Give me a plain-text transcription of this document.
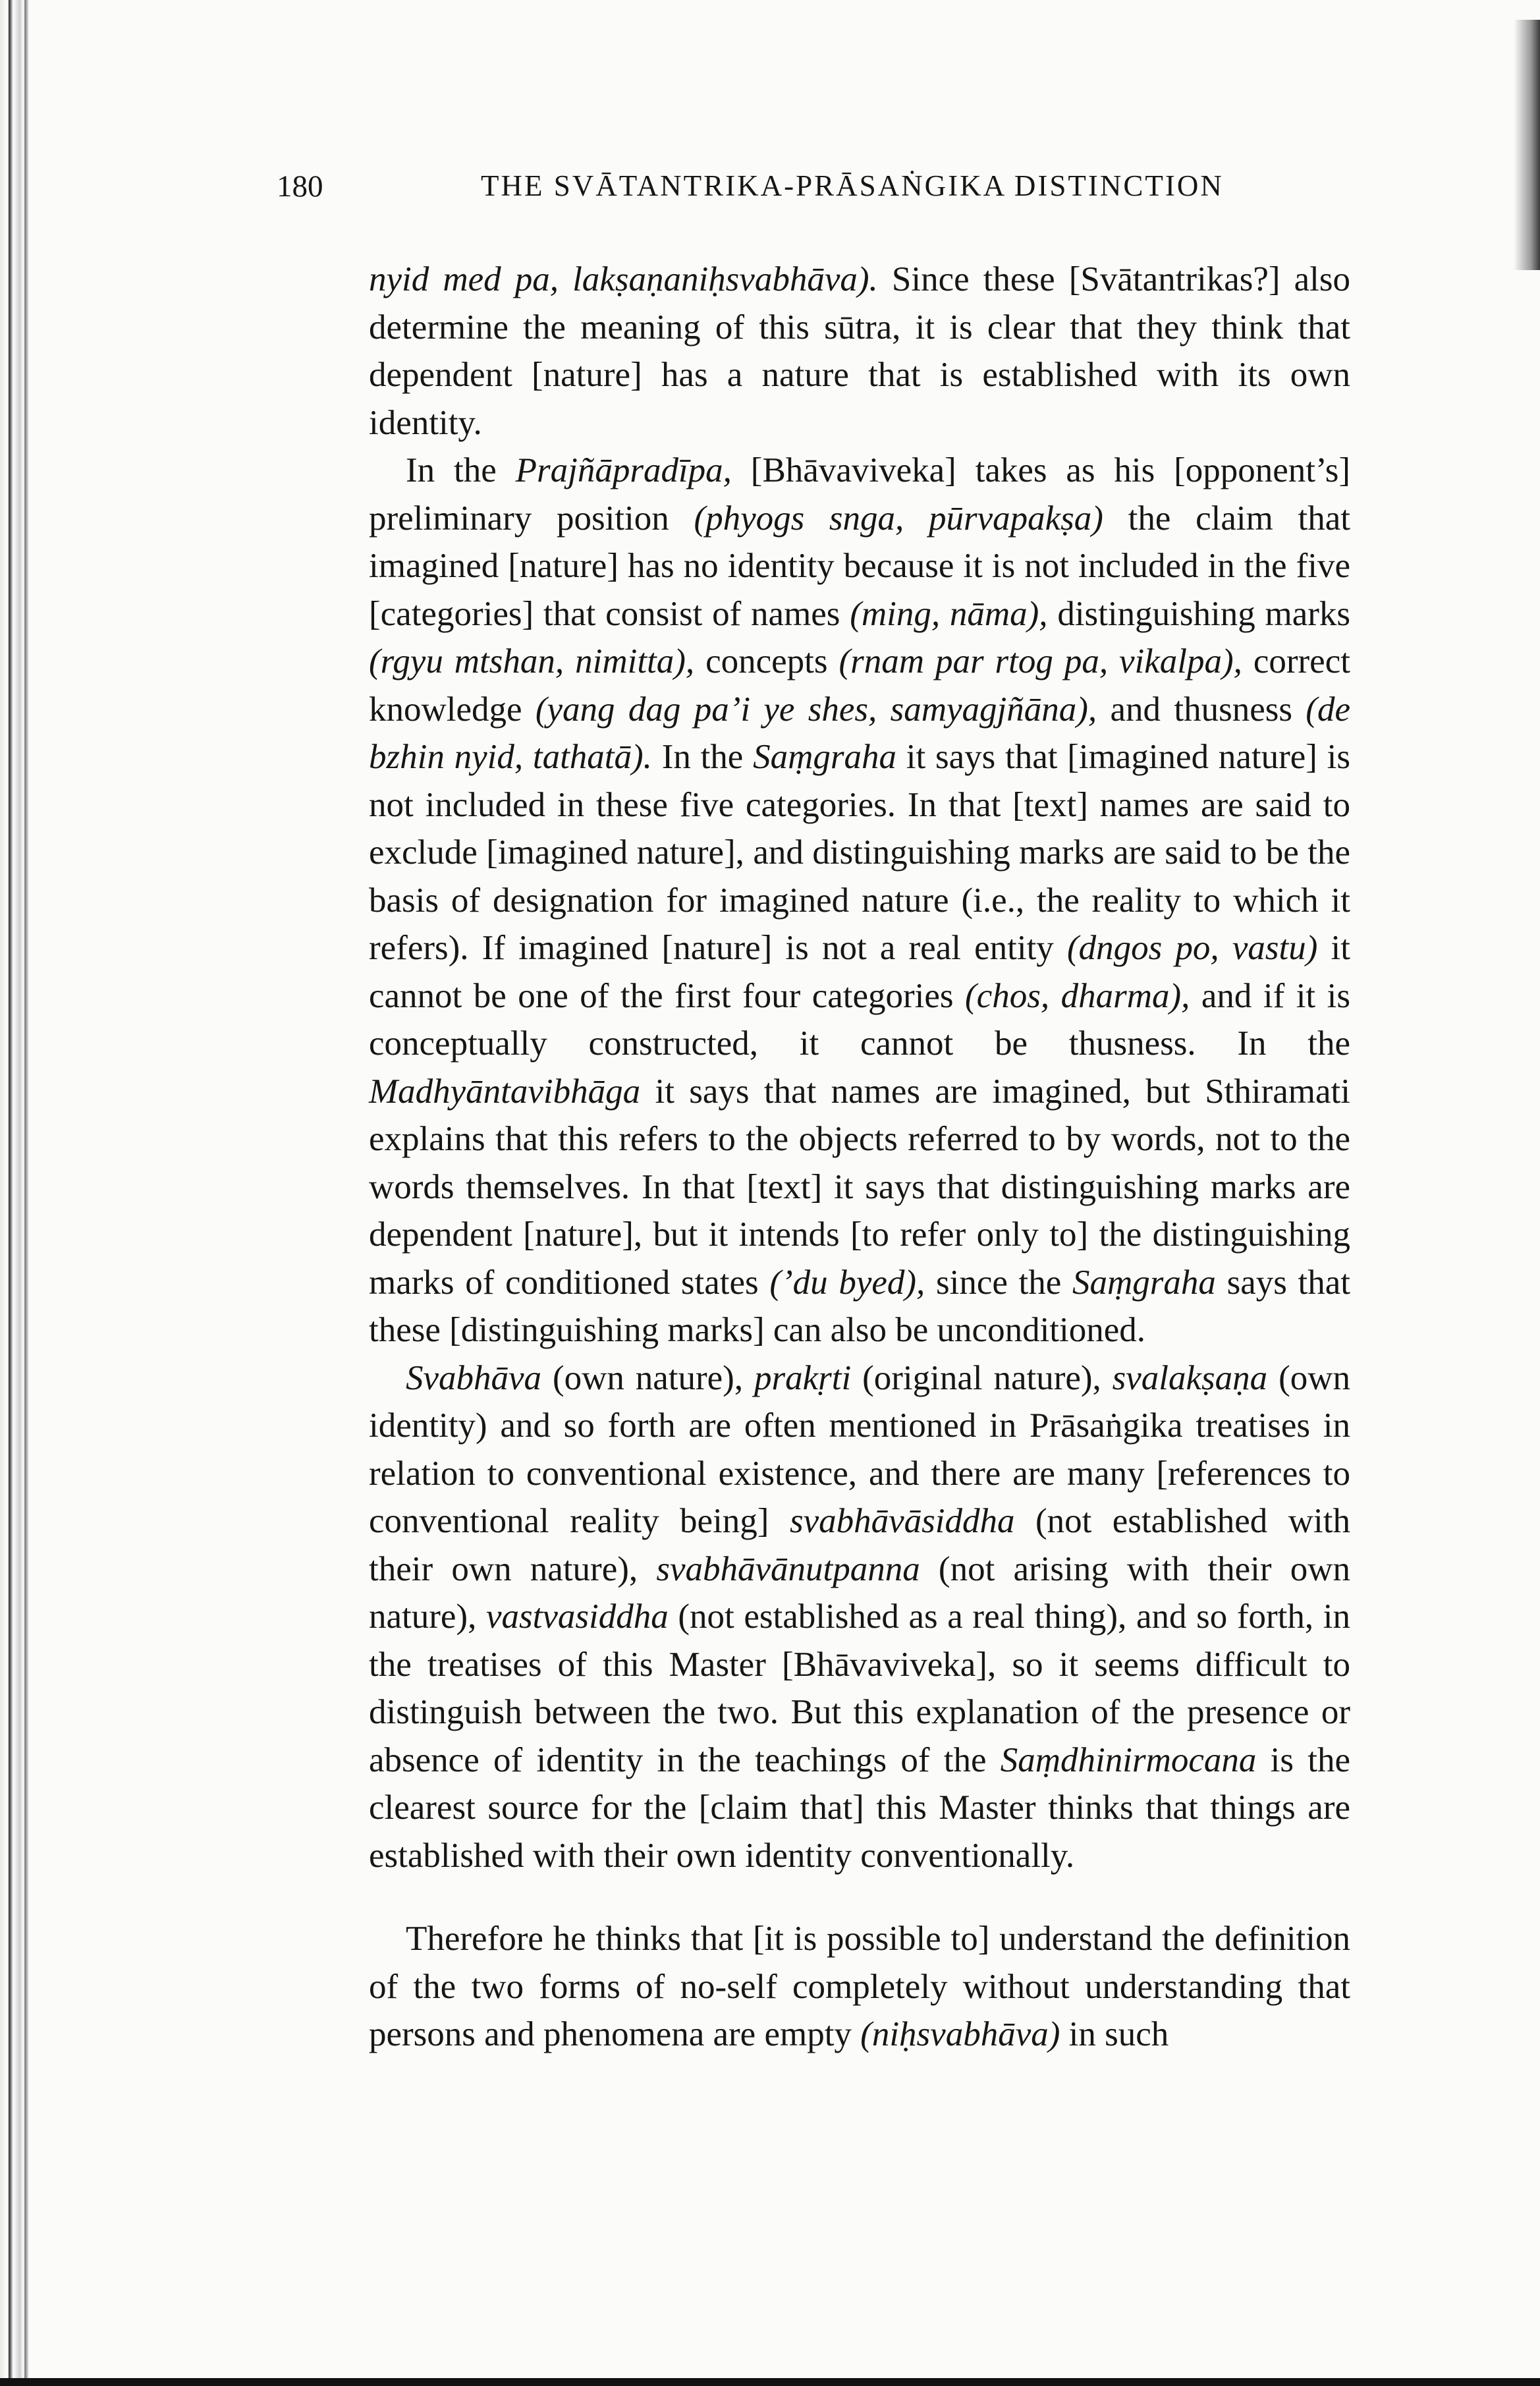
180	THE SVĀTANTRIKA-PRĀSAṄGIKA DISTINCTION

nyid med pa, lakṣaṇaniḥsvabhāva). Since these [Svātantrikas?] also determine the meaning of this sūtra, it is clear that they think that dependent [nature] has a nature that is established with its own identity.

In the Prajñāpradīpa, [Bhāvaviveka] takes as his [opponent’s] preliminary position (phyogs snga, pūrvapakṣa) the claim that imagined [nature] has no identity because it is not included in the five [categories] that consist of names (ming, nāma), distinguishing marks (rgyu mtshan, nimitta), concepts (rnam par rtog pa, vikalpa), correct knowledge (yang dag pa’i ye shes, samyagjñāna), and thusness (de bzhin nyid, tathatā). In the Saṃgraha it says that [imagined nature] is not included in these five categories. In that [text] names are said to exclude [imagined nature], and distinguishing marks are said to be the basis of designation for imagined nature (i.e., the reality to which it refers). If imagined [nature] is not a real entity (dngos po, vastu) it cannot be one of the first four categories (chos, dharma), and if it is conceptually constructed, it cannot be thusness. In the Madhyāntavibhāga it says that names are imagined, but Sthiramati explains that this refers to the objects referred to by words, not to the words themselves. In that [text] it says that distinguishing marks are dependent [nature], but it intends [to refer only to] the distinguishing marks of conditioned states (’du byed), since the Saṃgraha says that these [distinguishing marks] can also be unconditioned.

Svabhāva (own nature), prakṛti (original nature), svalakṣaṇa (own identity) and so forth are often mentioned in Prāsaṅgika treatises in relation to conventional existence, and there are many [references to conventional reality being] svabhāvāsiddha (not established with their own nature), svabhāvānutpanna (not arising with their own nature), vastvasiddha (not established as a real thing), and so forth, in the treatises of this Master [Bhāvaviveka], so it seems difficult to distinguish between the two. But this explanation of the presence or absence of identity in the teachings of the Saṃdhinirmocana is the clearest source for the [claim that] this Master thinks that things are established with their own identity conventionally.

Therefore he thinks that [it is possible to] understand the definition of the two forms of no-self completely without understanding that persons and phenomena are empty (niḥsvabhāva) in such
